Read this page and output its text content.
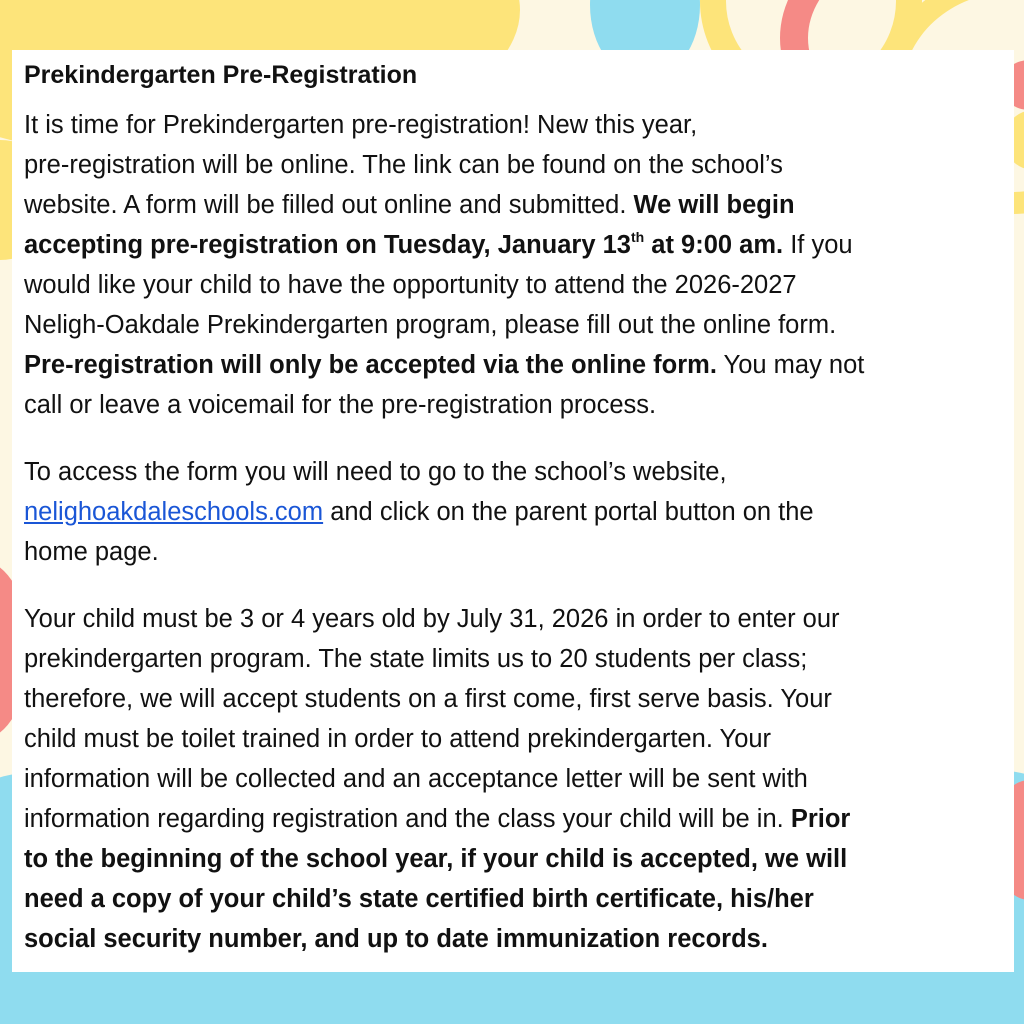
Prekindergarten Pre-Registration
It is time for Prekindergarten pre-registration! New this year,
pre-registration will be online. The link can be found on the school’s
website. A form will be filled out online and submitted. We will begin
accepting pre-registration on Tuesday, January 13th at 9:00 am. If you
would like your child to have the opportunity to attend the 2026-2027
Neligh-Oakdale Prekindergarten program, please fill out the online form.
Pre-registration will only be accepted via the online form. You may not
call or leave a voicemail for the pre-registration process.
To access the form you will need to go to the school’s website,
nelighoakdaleschools.com and click on the parent portal button on the
home page.
Your child must be 3 or 4 years old by July 31, 2026 in order to enter our
prekindergarten program. The state limits us to 20 students per class;
therefore, we will accept students on a first come, first serve basis. Your
child must be toilet trained in order to attend prekindergarten. Your
information will be collected and an acceptance letter will be sent with
information regarding registration and the class your child will be in. Prior
to the beginning of the school year, if your child is accepted, we will
need a copy of your child’s state certified birth certificate, his/her
social security number, and up to date immunization records.
